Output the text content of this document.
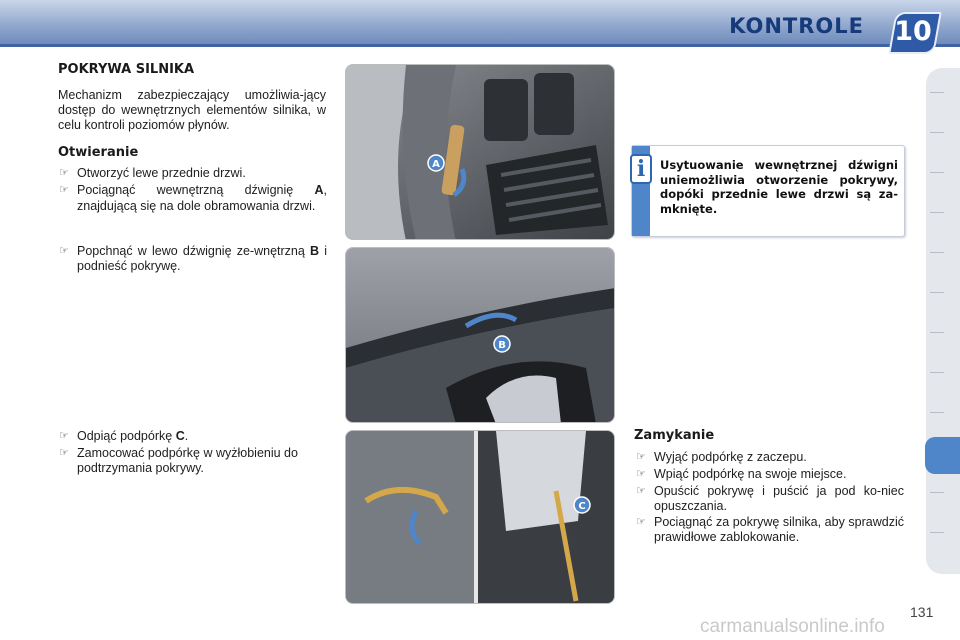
KONTROLE 10
POKRYWA SILNIKA
Mechanizm zabezpieczający umożliwia-jący dostęp do wewnętrznych elementów silnika, w celu kontroli poziomów płynów.
Otwieranie
☞ Otworzyć lewe przednie drzwi.
☞ Pociągnąć wewnętrzną dźwignię A, znajdującą się na dole obramowania drzwi.
☞ Popchnąć w lewo dźwignię ze-wnętrzną B i podnieść pokrywę.
☞ Odpiąć podpórkę C.
☞ Zamocować podpórkę w wyżłobieniu do podtrzymania pokrywy.
A
B
C
i	Usytuowanie wewnętrznej dźwigni uniemożliwia otworzenie pokrywy, dopóki przednie lewe drzwi są za-mknięte.
Zamykanie
☞ Wyjąć podpórkę z zaczepu.
☞ Wpiąć podpórkę na swoje miejsce.
☞ Opuścić pokrywę i puścić ja pod ko-niec opuszczania.
☞ Pociągnąć za pokrywę silnika, aby sprawdzić prawidłowe zablokowanie.
131
carmanualsonline.info
